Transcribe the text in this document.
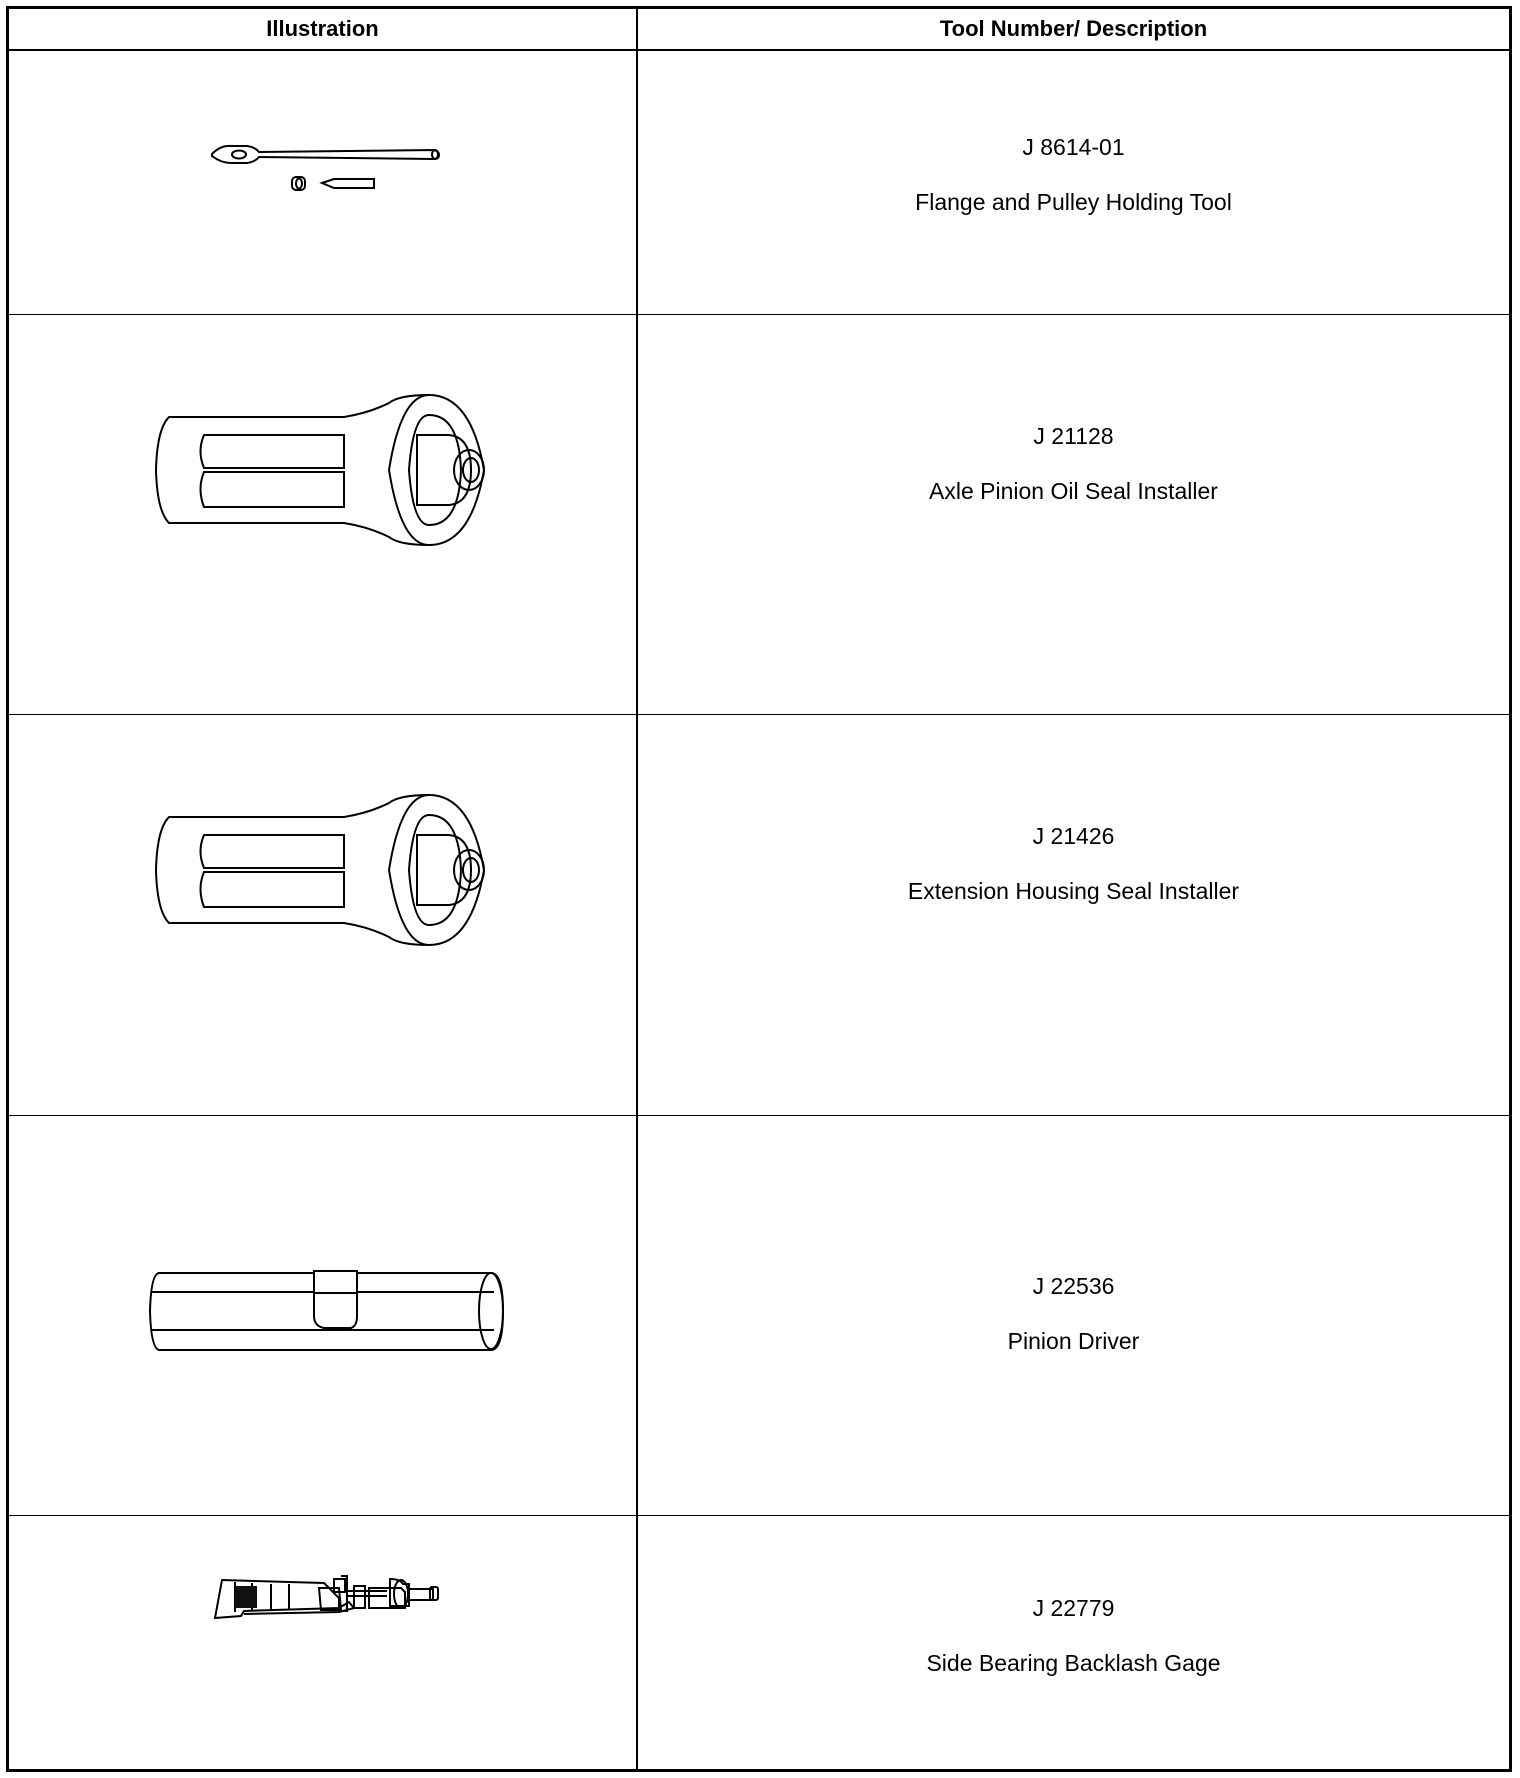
Illustration	Tool Number/ Description
J 8614-01
Flange and Pulley Holding Tool
J 21128
Axle Pinion Oil Seal Installer
J 21426
Extension Housing Seal Installer
J 22536
Pinion Driver
J 22779
Side Bearing Backlash Gage
